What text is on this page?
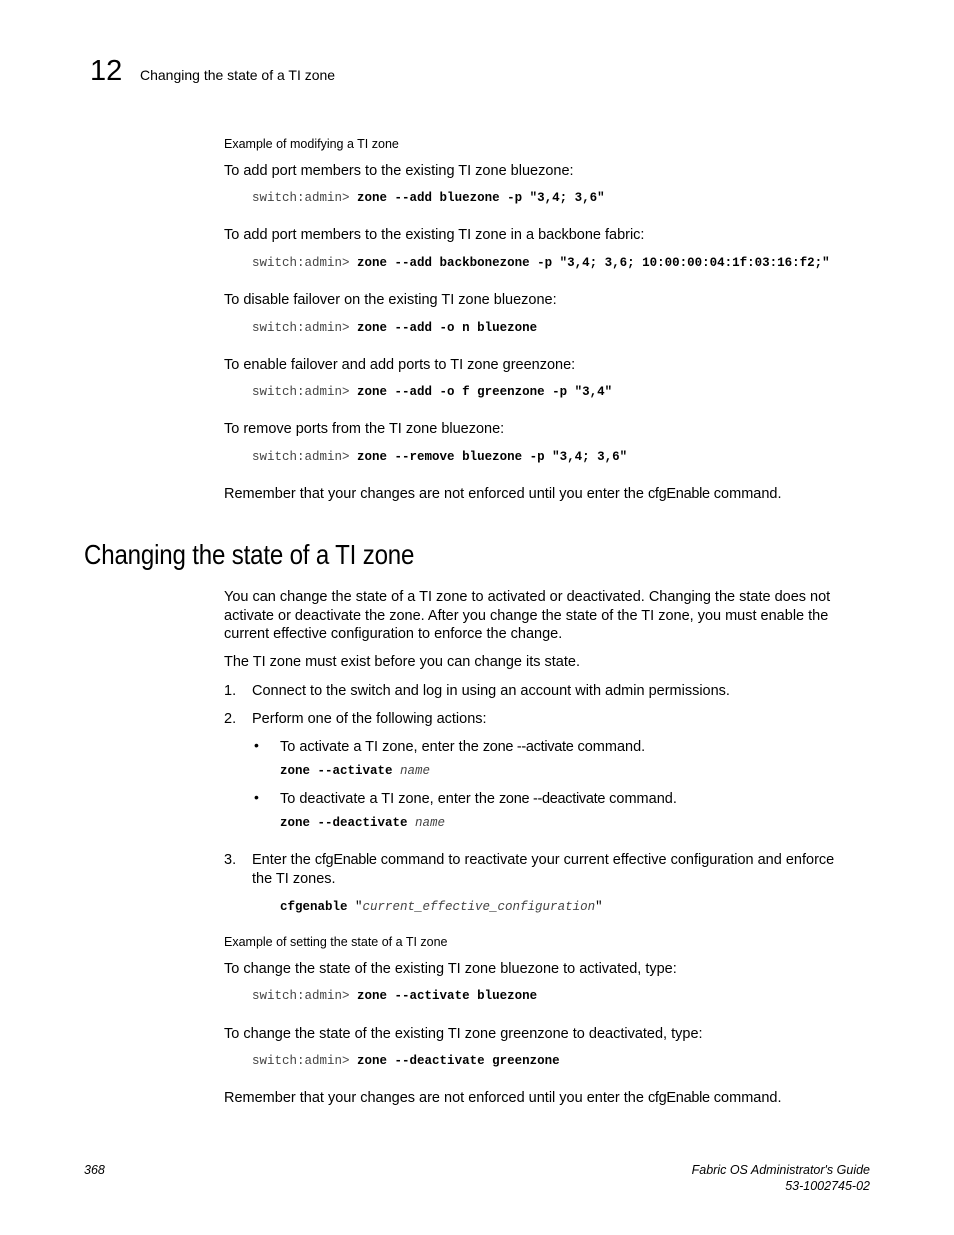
12 Changing the state of a TI zone
Example of modifying a TI zone
To add port members to the existing TI zone bluezone:
switch:admin> zone --add bluezone -p "3,4; 3,6"
To add port members to the existing TI zone in a backbone fabric:
switch:admin> zone --add backbonezone -p "3,4; 3,6; 10:00:00:04:1f:03:16:f2;"
To disable failover on the existing TI zone bluezone:
switch:admin> zone --add -o n bluezone
To enable failover and add ports to TI zone greenzone:
switch:admin> zone --add -o f greenzone -p "3,4"
To remove ports from the TI zone bluezone:
switch:admin> zone --remove bluezone -p "3,4; 3,6"
Remember that your changes are not enforced until you enter the cfgEnable command.
Changing the state of a TI zone
You can change the state of a TI zone to activated or deactivated. Changing the state does not
activate or deactivate the zone. After you change the state of the TI zone, you must enable the
current effective configuration to enforce the change.
The TI zone must exist before you can change its state.
1. Connect to the switch and log in using an account with admin permissions.
2. Perform one of the following actions:
• To activate a TI zone, enter the zone --activate command.
zone --activate name
• To deactivate a TI zone, enter the zone --deactivate command.
zone --deactivate name
3. Enter the cfgEnable command to reactivate your current effective configuration and enforce
the TI zones.
cfgenable "current_effective_configuration"
Example of setting the state of a TI zone
To change the state of the existing TI zone bluezone to activated, type:
switch:admin> zone --activate bluezone
To change the state of the existing TI zone greenzone to deactivated, type:
switch:admin> zone --deactivate greenzone
Remember that your changes are not enforced until you enter the cfgEnable command.
368	Fabric OS Administrator's Guide
53-1002745-02
